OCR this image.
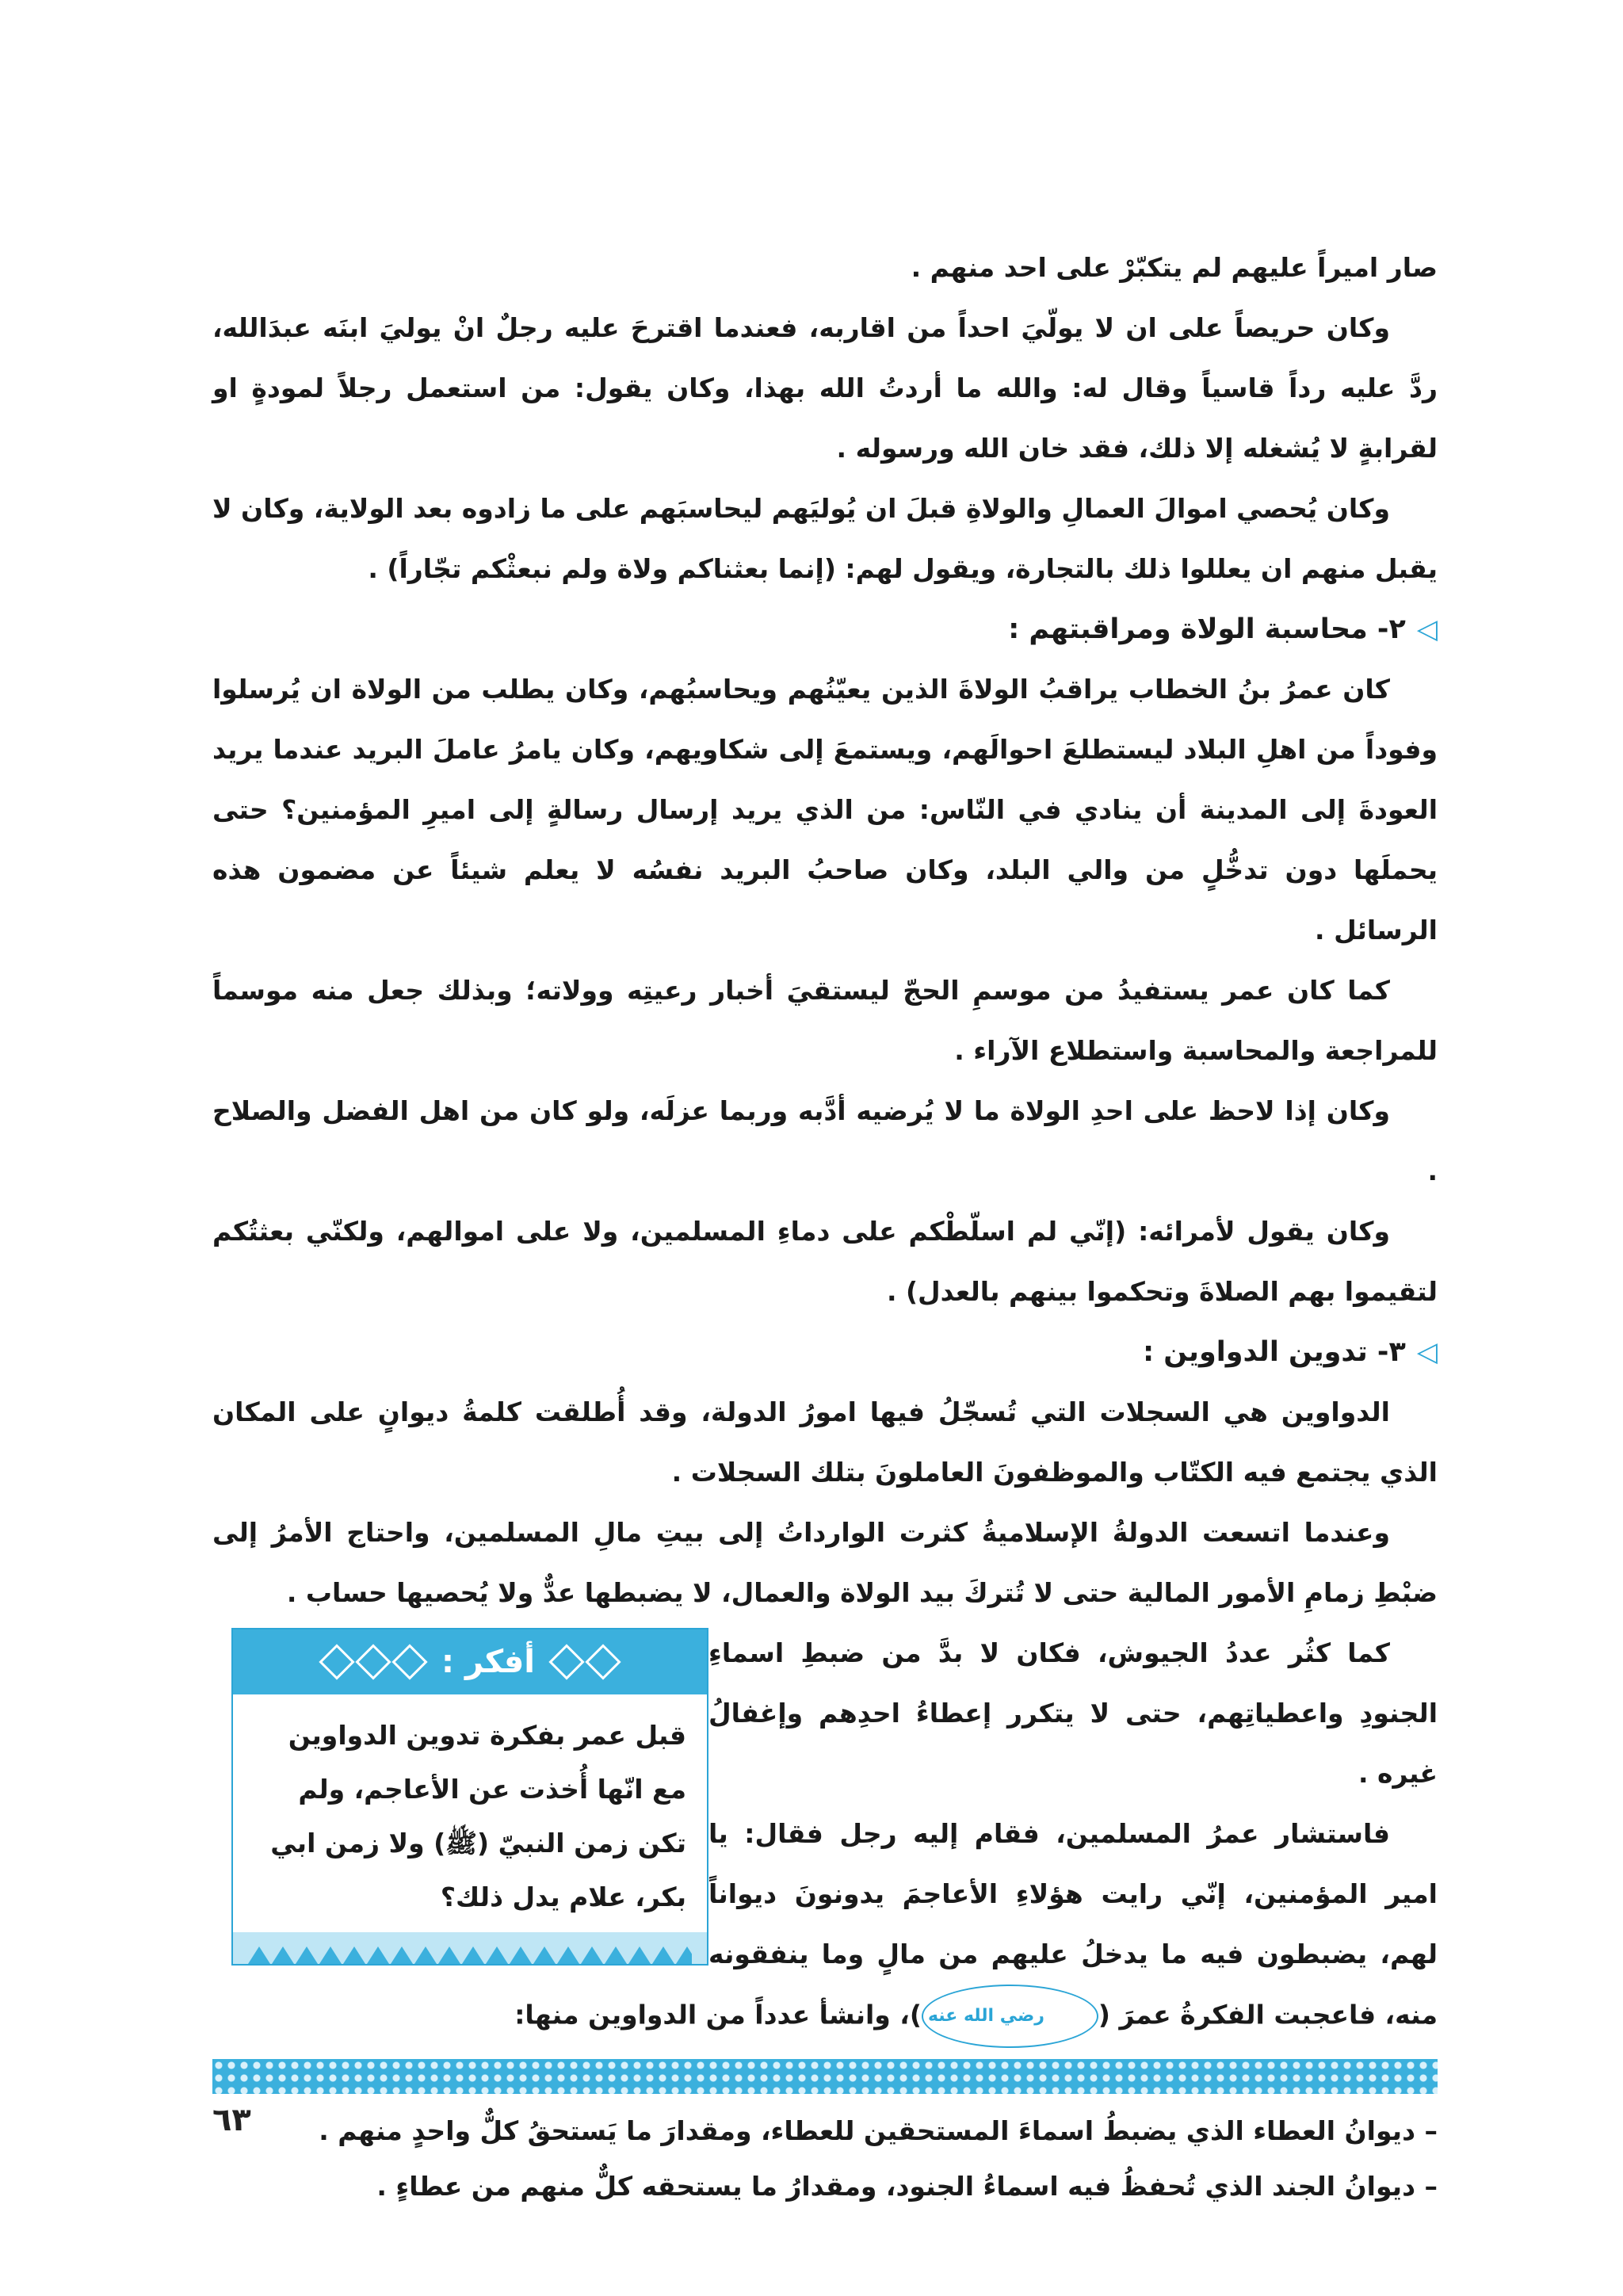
صار اميراً عليهم لم يتكبّرْ على احد منهم .

وكان حريصاً على ان لا يولّيَ احداً من اقاربه، فعندما اقترحَ عليه رجلٌ انْ يوليَ ابنَه عبدَالله، ردَّ عليه رداً قاسياً وقال له: والله ما أردتُ الله بهذا، وكان يقول: من استعمل رجلاً لمودةٍ او لقرابةٍ لا يُشغله إلا ذلك، فقد خان الله ورسوله .

وكان يُحصي اموالَ العمالِ والولاةِ قبلَ ان يُوليَهم ليحاسبَهم على ما زادوه بعد الولاية، وكان لا يقبل منهم ان يعللوا ذلك بالتجارة، ويقول لهم: (إنما بعثناكم ولاة ولم نبعثْكم تجّاراً) .

◁
٢- محاسبة الولاة ومراقبتهم :

كان عمرُ بنُ الخطاب يراقبُ الولاةَ الذين يعيّنُهم ويحاسبُهم، وكان يطلب من الولاة ان يُرسلوا وفوداً من اهلِ البلاد ليستطلعَ احوالَهم، ويستمعَ إلى شكاويهم، وكان يامرُ عاملَ البريد عندما يريد العودةَ إلى المدينة أن ينادي في النّاس: من الذي يريد إرسال رسالةٍ إلى اميرِ المؤمنين؟ حتى يحملَها دون تدخُّلٍ من والي البلد، وكان صاحبُ البريد نفسُه لا يعلم شيئاً عن مضمون هذه الرسائل .

كما كان عمر يستفيدُ من موسمِ الحجّ ليستقيَ أخبار رعيتِه وولاته؛ وبذلك جعل منه موسماً للمراجعة والمحاسبة واستطلاع الآراء .

وكان إذا لاحظ على احدِ الولاة ما لا يُرضيه أدَّبه وربما عزلَه، ولو كان من اهل الفضل والصلاح .

وكان يقول لأمرائه: (إنّي لم اسلّطْكم على دماءِ المسلمين، ولا على اموالهم، ولكنّي بعثتُكم لتقيموا بهم الصلاةَ وتحكموا بينهم بالعدل) .

◁
٣- تدوين الدواوين :

الدواوين هي السجلات التي تُسجّلُ فيها امورُ الدولة، وقد أُطلقت كلمةُ ديوانٍ على المكان الذي يجتمع فيه الكتّاب والموظفونَ العاملونَ بتلك السجلات .

وعندما اتسعت الدولةُ الإسلاميةُ كثرت الوارداتُ إلى بيتِ مالِ المسلمين، واحتاج الأمرُ إلى ضبْطِ زمامِ الأمور المالية حتى لا تُتركَ بيد الولاة والعمال، لا يضبطها عدٌّ ولا يُحصيها حساب .

أفكر :
قبل عمر بفكرة تدوين الدواوين مع انّها أُخذت عن الأعاجم، ولم تكن زمن النبيّ (ﷺ) ولا زمن ابي بكر، علام يدل ذلك؟

كما كثُر عددُ الجيوش، فكان لا بدَّ من ضبطِ اسماءِ الجنودِ واعطياتِهم، حتى لا يتكرر إعطاءُ احدِهم وإغفالُ غيره .

فاستشار عمرُ المسلمين، فقام إليه رجل فقال: يا امير المؤمنين، إنّي رايت هؤلاءِ الأعاجمَ يدونونَ ديواناً لهم، يضبطون فيه ما يدخلُ عليهم من مالٍ وما ينفقونه منه، فاعجبت الفكرةُ عمرَ (رضي الله عنه)، وانشأ عدداً من الدواوين منها:

– ديوانُ العطاء الذي يضبطُ اسماءَ المستحقين للعطاء، ومقدارَ ما يَستحقُ كلٌّ واحدٍ منهم .
– ديوانُ الجند الذي تُحفظُ فيه اسماءُ الجنود، ومقدارُ ما يستحقه كلٌّ منهم من عطاءٍ .
٦٣
